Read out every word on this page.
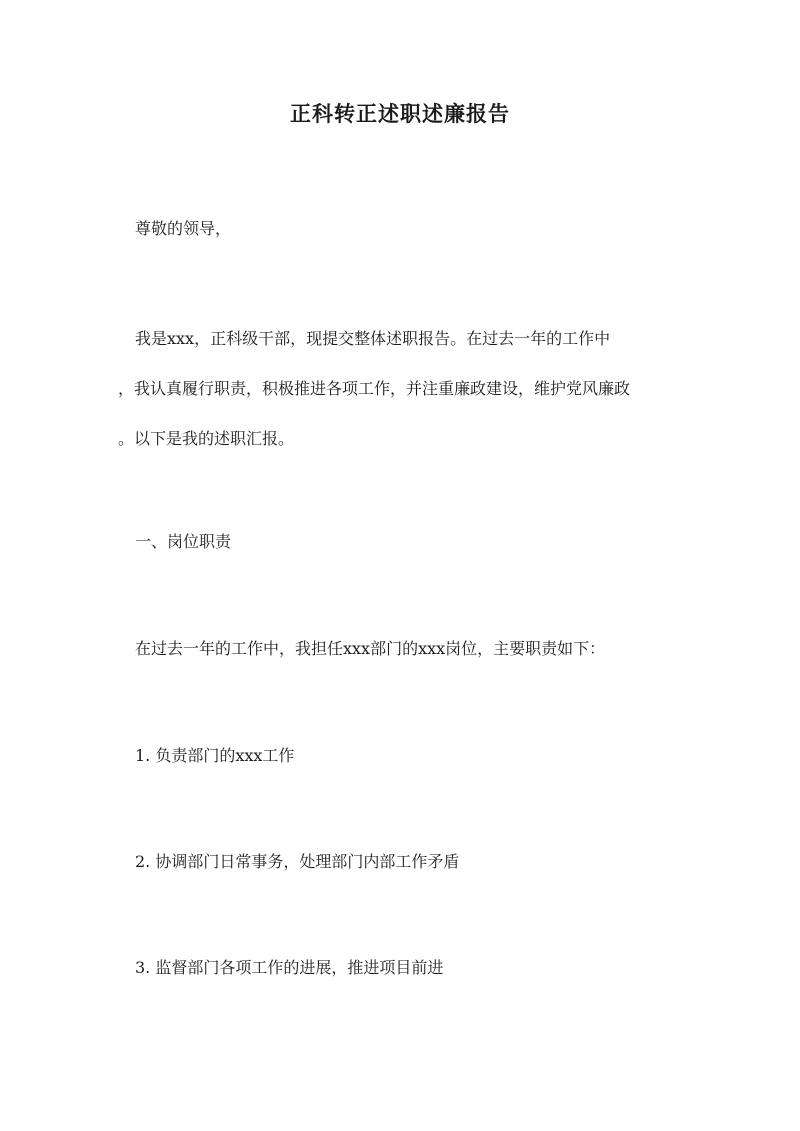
正科转正述职述廉报告
尊敬的领导，
我是xxx，正科级干部，现提交整体述职报告。在过去一年的工作中
，我认真履行职责，积极推进各项工作，并注重廉政建设，维护党风廉政
。以下是我的述职汇报。
一、岗位职责
在过去一年的工作中，我担任xxx部门的xxx岗位，主要职责如下：
1. 负责部门的xxx工作
2. 协调部门日常事务，处理部门内部工作矛盾
3. 监督部门各项工作的进展，推进项目前进
